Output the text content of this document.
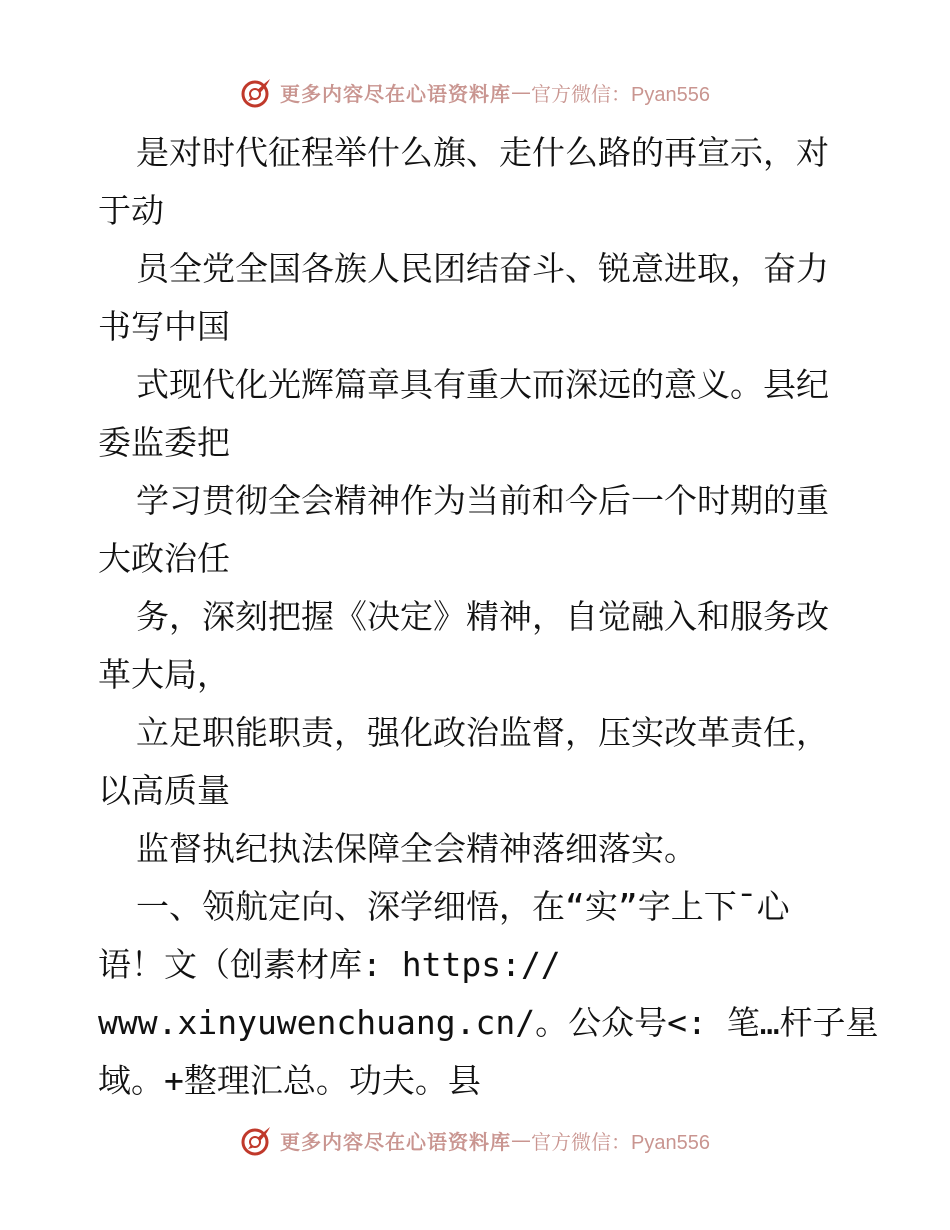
更多内容尽在心语资料库 — 官方微信：Pyan556
是对时代征程举什么旗、走什么路的再宣示，对
于动
员全党全国各族人民团结奋斗、锐意进取，奋力
书写中国
式现代化光辉篇章具有重大而深远的意义。县纪
委监委把
学习贯彻全会精神作为当前和今后一个时期的重
大政治任
务，深刻把握《决定》精神，自觉融入和服务改
革大局，
立足职能职责，强化政治监督，压实改革责任，
以高质量
监督执纪执法保障全会精神落细落实。
一、领航定向、深学细悟，在“实”字上下¯心
语！文（创素材库: https://
www.xinyuwenchuang.cn/。公众号<: 笔…杆子星
域。+整理汇总。功夫。县
更多内容尽在心语资料库 — 官方微信：Pyan556
